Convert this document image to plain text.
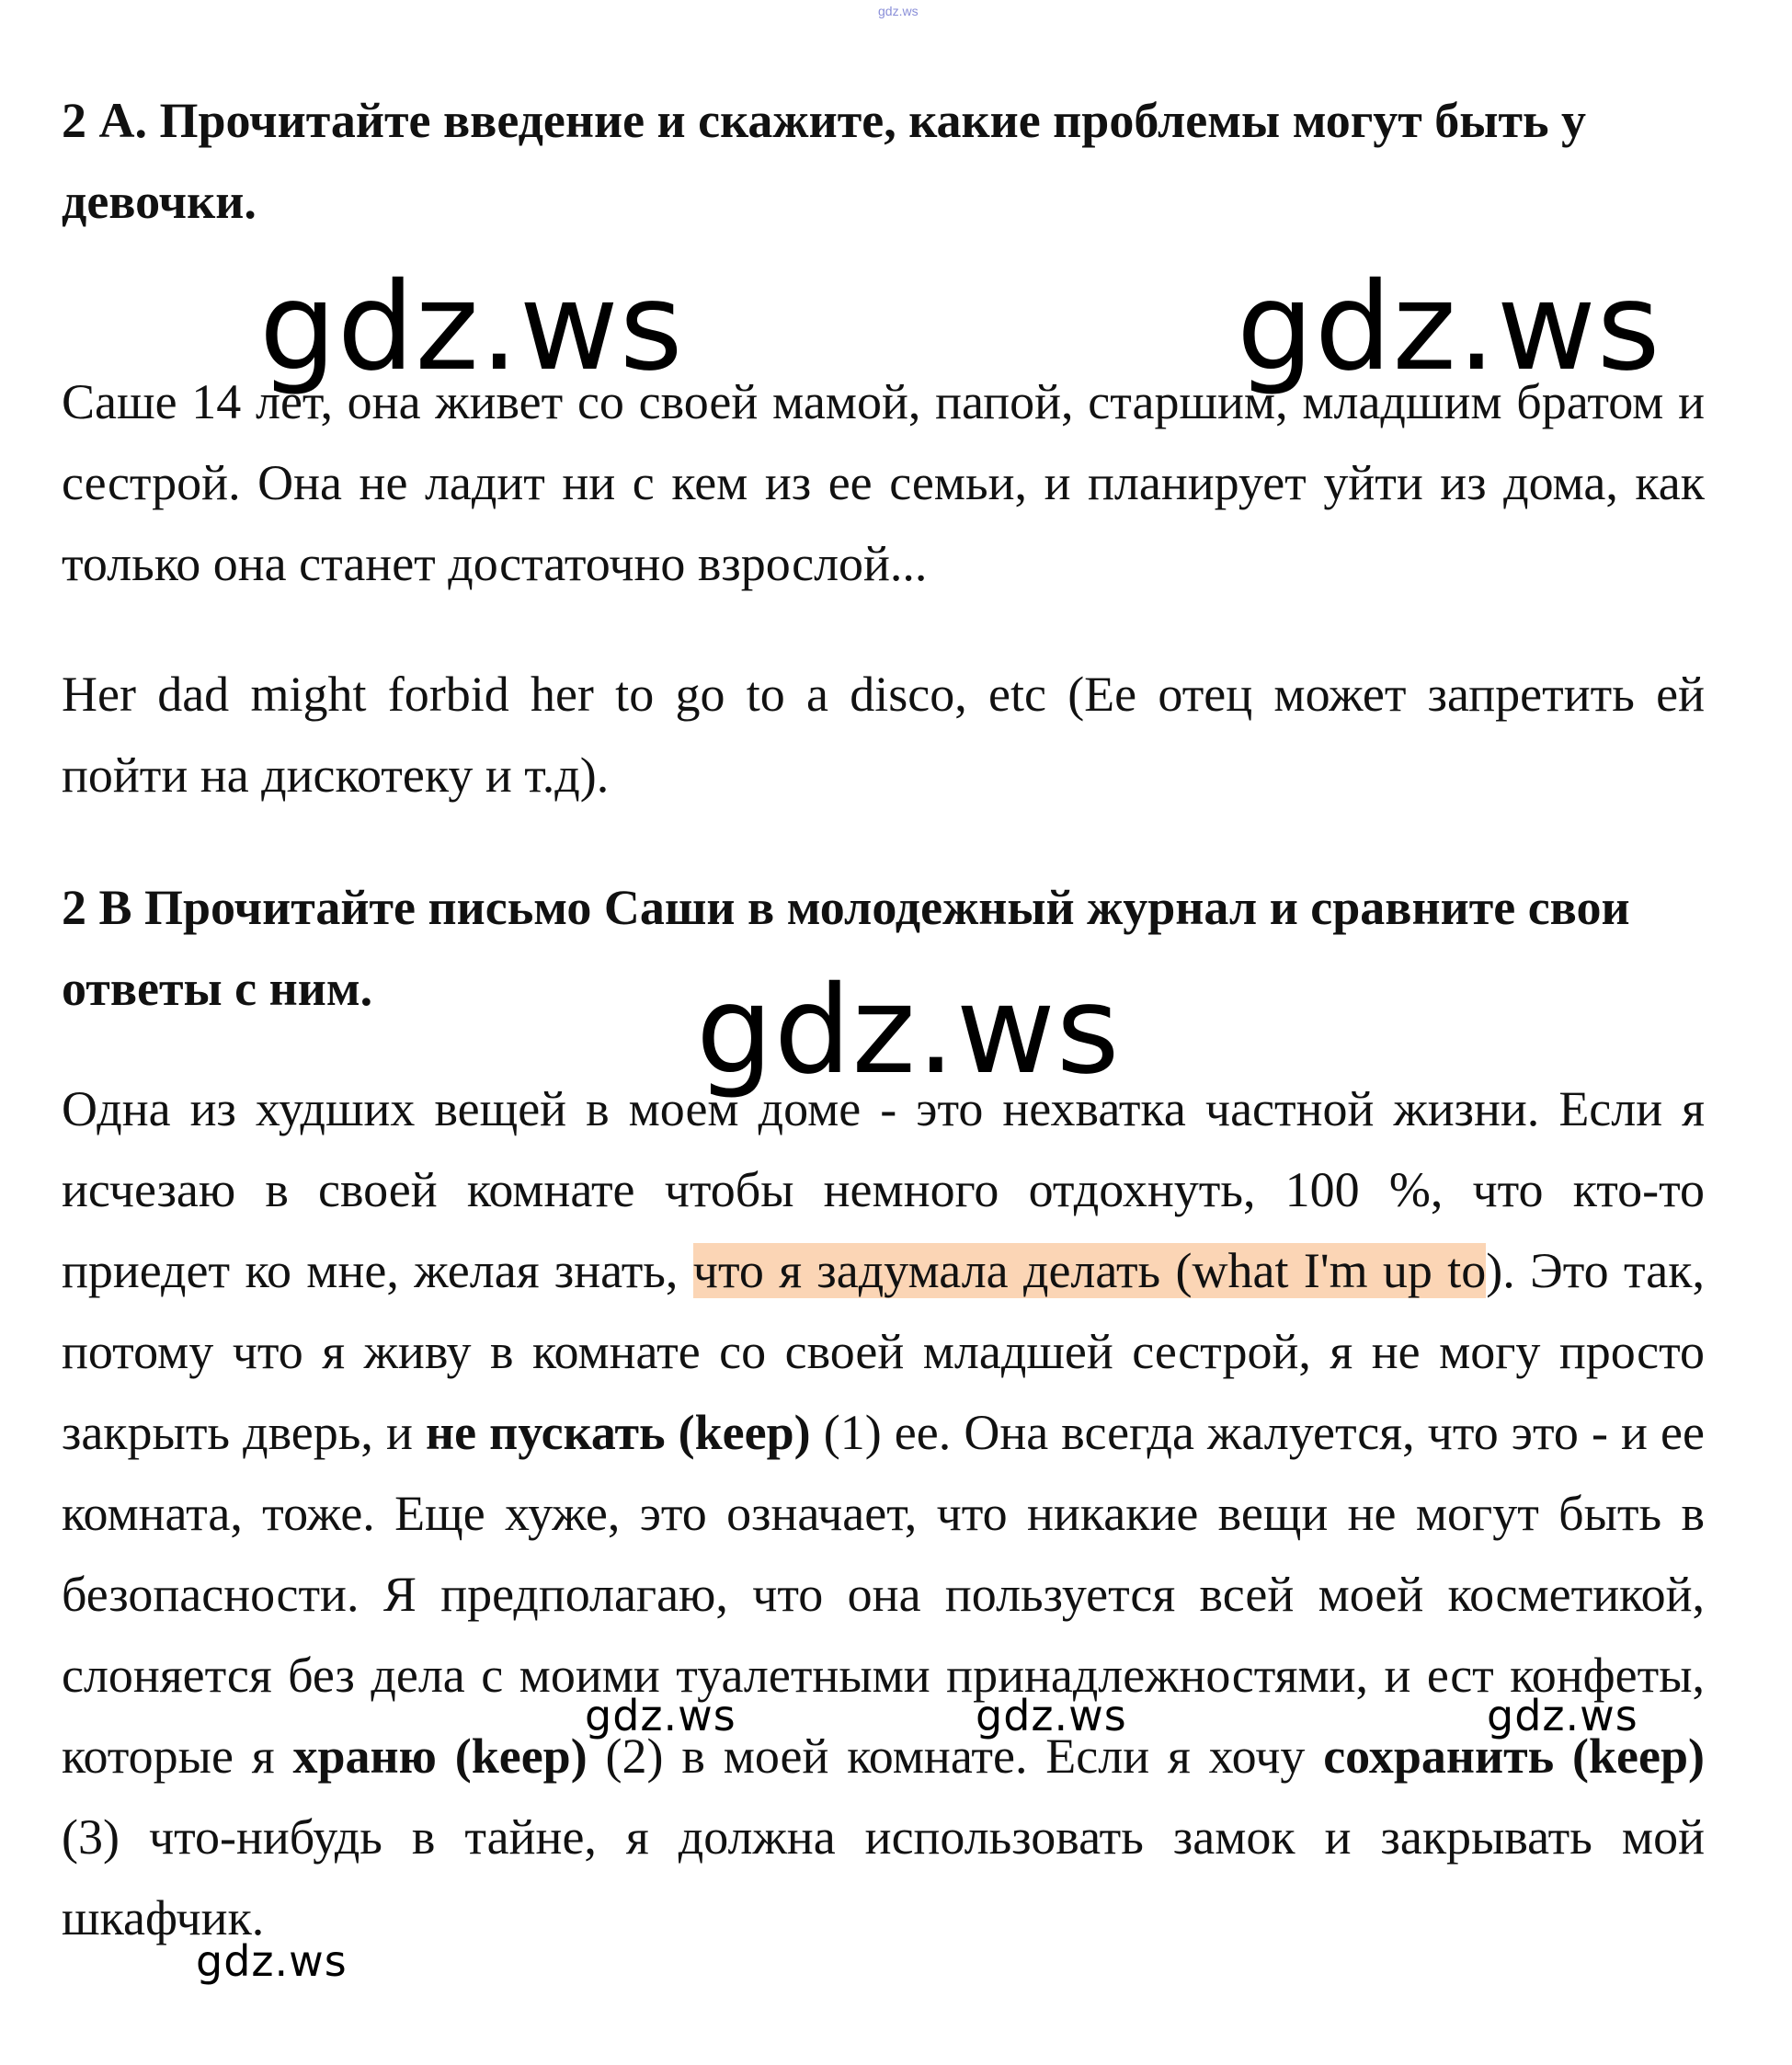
gdz.ws

2 А. Прочитайте введение и скажите, какие проблемы могут быть у девочки.

Саше 14 лет, она живет со своей мамой, папой, старшим, младшим братом и сестрой. Она не ладит ни с кем из ее семьи, и планирует уйти из дома, как только она станет достаточно взрослой...

Her dad might forbid her to go to a disco, etc (Ее отец может запретить ей пойти на дискотеку и т.д).

2 В Прочитайте письмо Саши в молодежный журнал и сравните свои ответы с ним.

Одна из худших вещей в моем доме - это нехватка частной жизни. Если я исчезаю в своей комнате чтобы немного отдохнуть, 100 %, что кто-то приедет ко мне, желая знать, что я задумала делать (what I'm up to). Это так, потому что я живу в комнате со своей младшей сестрой, я не могу просто закрыть дверь, и не пускать (keep) (1) ее. Она всегда жалуется, что это - и ее комната, тоже. Еще хуже, это означает, что никакие вещи не могут быть в безопасности. Я предполагаю, что она пользуется всей моей косметикой, слоняется без дела с моими туалетными принадлежностями, и ест конфеты, которые я храню (keep) (2) в моей комнате. Если я хочу сохранить (keep) (3) что-нибудь в тайне, я должна использовать замок и закрывать мой шкафчик.

gdz.ws	gdz.ws
gdz.ws
gdz.ws	gdz.ws	gdz.ws
gdz.ws
